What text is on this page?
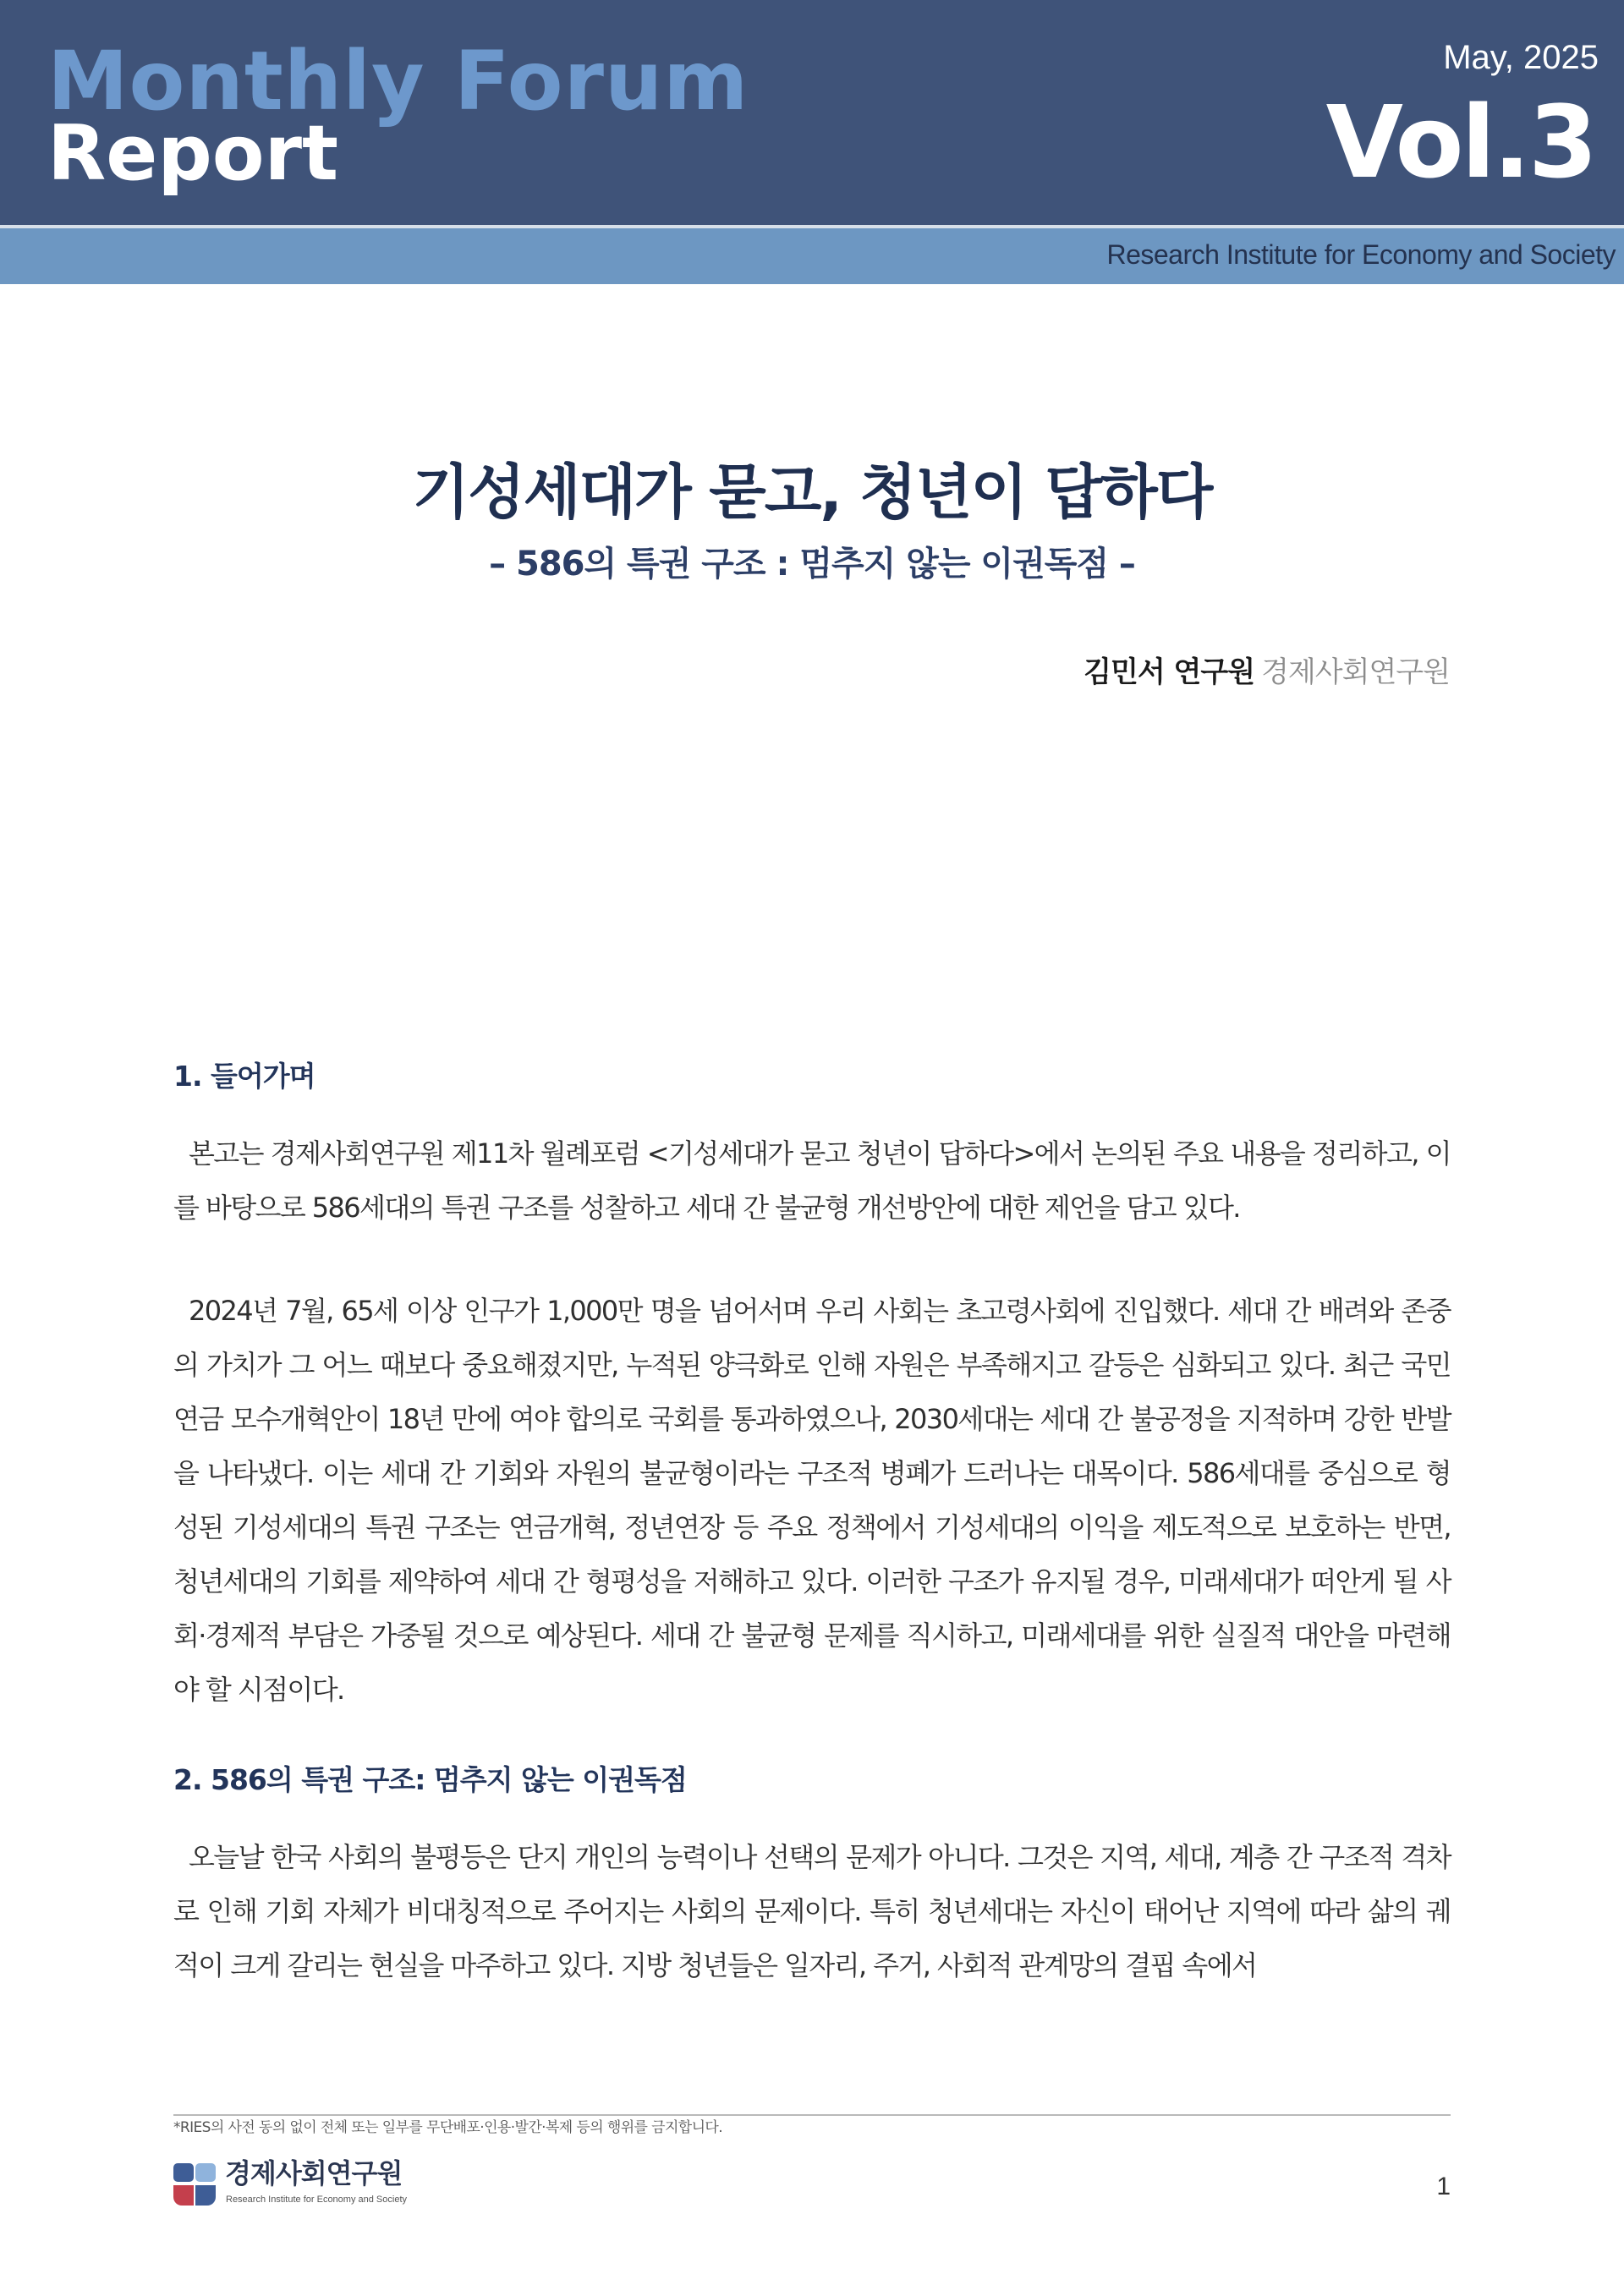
Monthly Forum
Report
May, 2025
Vol.3
Research Institute for Economy and Society
기성세대가 묻고, 청년이 답하다
– 586의 특권 구조 : 멈추지 않는 이권독점 –
김민서 연구원 경제사회연구원
1. 들어가며

본고는 경제사회연구원 제11차 월례포럼 <기성세대가 묻고 청년이 답하다>에서 논의된 주요 내용을 정리하고, 이를 바탕으로 586세대의 특권 구조를 성찰하고 세대 간 불균형 개선방안에 대한 제언을 담고 있다.

2024년 7월, 65세 이상 인구가 1,000만 명을 넘어서며 우리 사회는 초고령사회에 진입했다. 세대 간 배려와 존중의 가치가 그 어느 때보다 중요해졌지만, 누적된 양극화로 인해 자원은 부족해지고 갈등은 심화되고 있다. 최근 국민연금 모수개혁안이 18년 만에 여야 합의로 국회를 통과하였으나, 2030세대는 세대 간 불공정을 지적하며 강한 반발을 나타냈다. 이는 세대 간 기회와 자원의 불균형이라는 구조적 병폐가 드러나는 대목이다. 586세대를 중심으로 형성된 기성세대의 특권 구조는 연금개혁, 정년연장 등 주요 정책에서 기성세대의 이익을 제도적으로 보호하는 반면, 청년세대의 기회를 제약하여 세대 간 형평성을 저해하고 있다. 이러한 구조가 유지될 경우, 미래세대가 떠안게 될 사회·경제적 부담은 가중될 것으로 예상된다. 세대 간 불균형 문제를 직시하고, 미래세대를 위한 실질적 대안을 마련해야 할 시점이다.

2. 586의 특권 구조: 멈추지 않는 이권독점

오늘날 한국 사회의 불평등은 단지 개인의 능력이나 선택의 문제가 아니다. 그것은 지역, 세대, 계층 간 구조적 격차로 인해 기회 자체가 비대칭적으로 주어지는 사회의 문제이다. 특히 청년세대는 자신이 태어난 지역에 따라 삶의 궤적이 크게 갈리는 현실을 마주하고 있다. 지방 청년들은 일자리, 주거, 사회적 관계망의 결핍 속에서

*RIES의 사전 동의 없이 전체 또는 일부를 무단배포·인용·발간·복제 등의 행위를 금지합니다.
경제사회연구원
Research Institute for Economy and Society	1
